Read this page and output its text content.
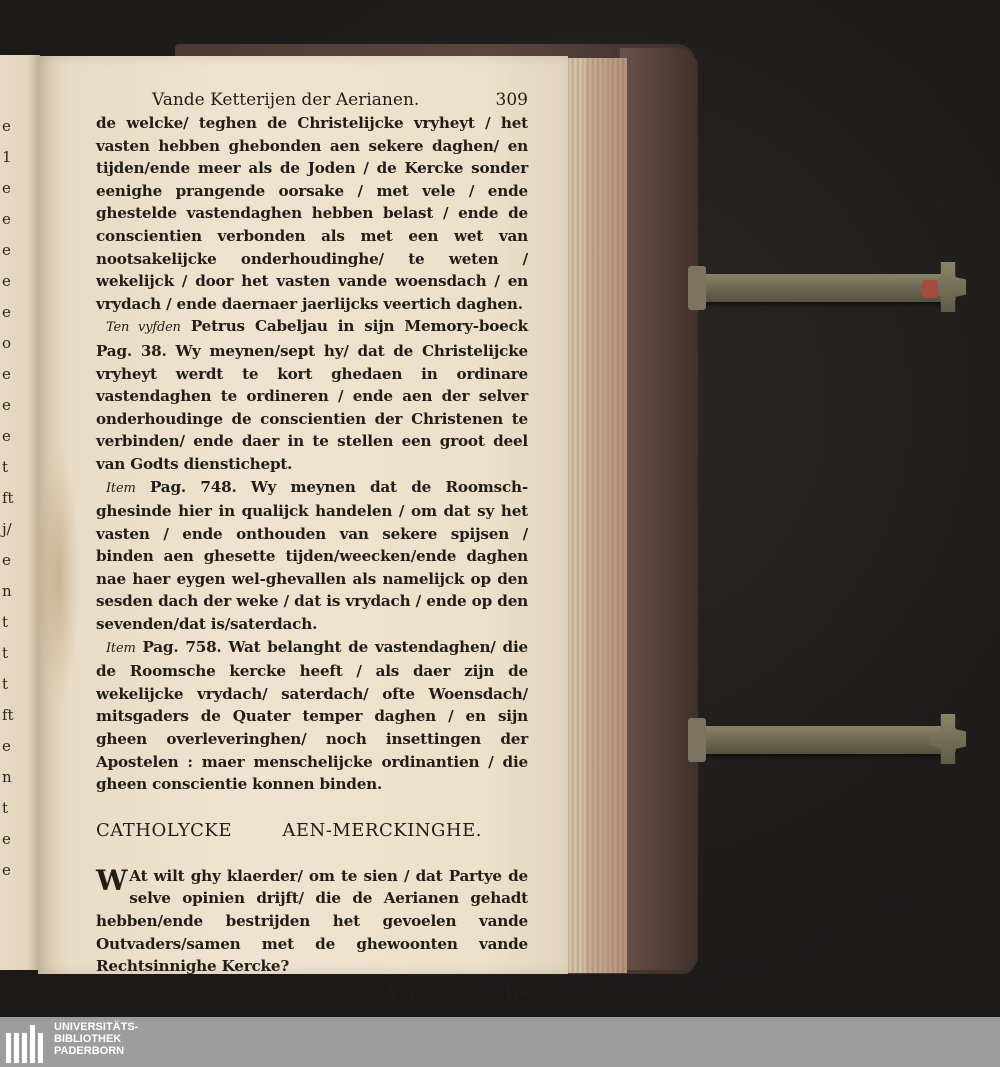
e
1
e
e
e
e
e
o
e
e
e
t
ft
j/
e
n
t
t
t
ft
e
n
t
e
e
Vande Ketterijen der Aerianen.	309

de welcke/ teghen de Christelijcke vryheyt / het vasten hebben ghebonden aen sekere daghen/ en tijden/ende meer als de Joden / de Kercke sonder eenighe prangende oorsake / met vele / ende ghestelde vastendaghen hebben belast / ende de conscientien verbonden als met een wet van nootsakelijcke onderhoudinghe/ te weten / wekelijck / door het vasten vande woensdach / en vrydach / ende daernaer jaerlijcks veertich daghen.

Ten vyfden Petrus Cabeljau in sijn Memory-boeck Pag. 38. Wy meynen/sept hy/ dat de Christelijcke vryheyt werdt te kort ghedaen in ordinare vastendaghen te ordineren / ende aen der selver onderhoudinge de conscientien der Christenen te verbinden/ ende daer in te stellen een groot deel van Godts dienstichept.

Item Pag. 748. Wy meynen dat de Roomsch-ghesinde hier in qualijck handelen / om dat sy het vasten / ende onthouden van sekere spijsen / binden aen ghesette tijden/weecken/ende daghen nae haer eygen wel-ghevallen als namelijck op den sesden dach der weke / dat is vrydach / ende op den sevenden/dat is/saterdach.

Item Pag. 758. Wat belanght de vastendaghen/ die de Roomsche kercke heeft / als daer zijn de wekelijcke vrydach/ saterdach/ ofte Woensdach/ mitsgaders de Quater temper daghen / en sijn gheen overleveringhen/ noch insettingen der Apostelen : maer menschelijcke ordinantien / die gheen conscientie konnen binden.

CATHOLYCKE	AEN-MERCKINGHE.

W At wilt ghy klaerder/ om te sien / dat Partye de selve opinien drijft/ die de Aerianen gehadt hebben/ende bestrijden het gevoelen vande Outvaders/samen met de ghewoonten vande Rechtsinnighe Kercke?

V 3	De
UNIVERSITÄTS-
BIBLIOTHEK
PADERBORN
